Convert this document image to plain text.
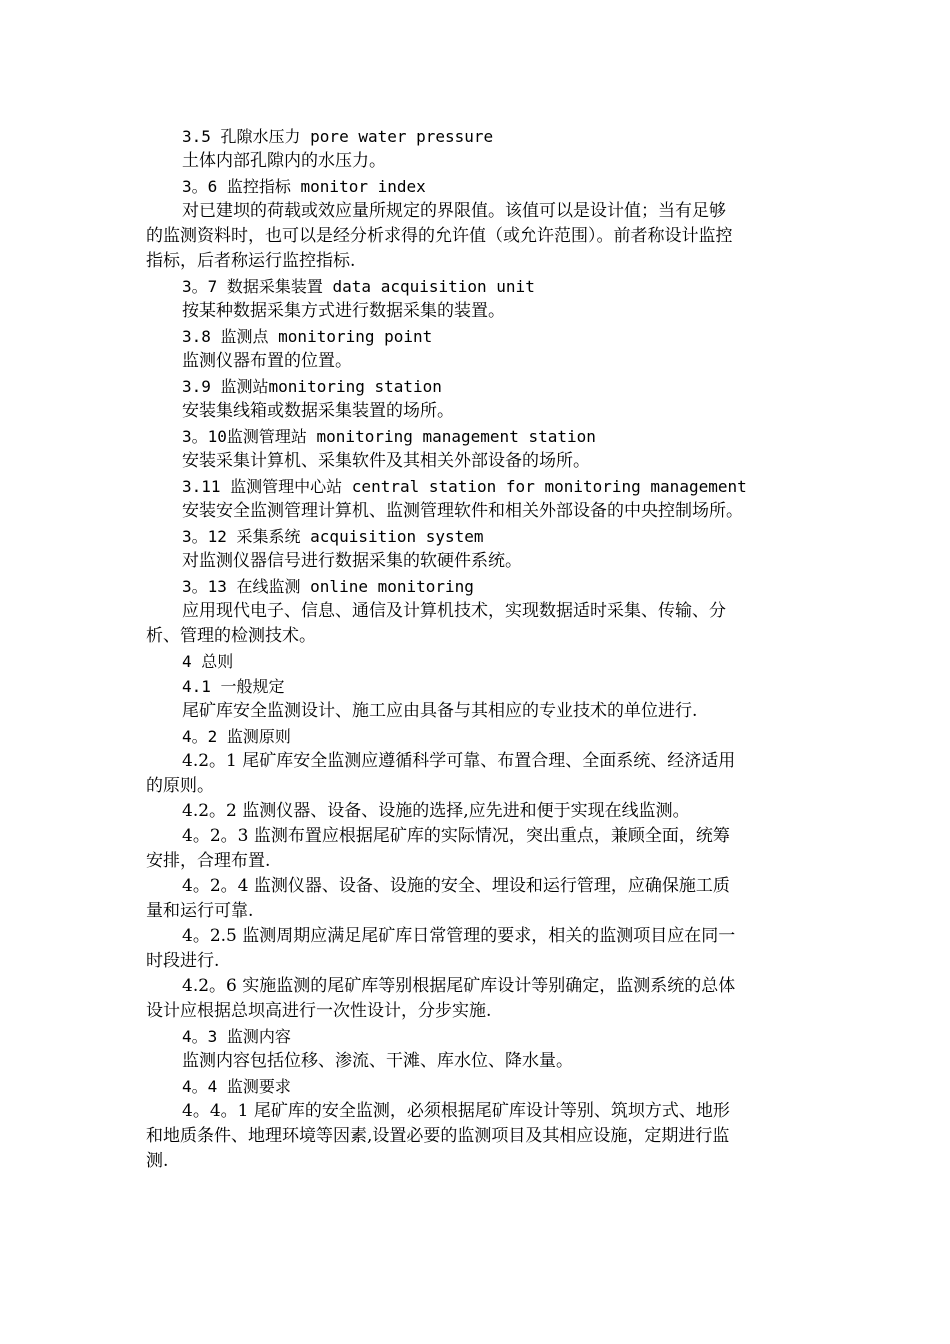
3.5 孔隙水压力 pore water pressure
土体内部孔隙内的水压力。
3。6 监控指标 monitor index
对已建坝的荷载或效应量所规定的界限值。该值可以是设计值；当有足够
的监测资料时，也可以是经分析求得的允许值（或允许范围）。前者称设计监控
指标，后者称运行监控指标.
3。7 数据采集装置 data acquisition unit
按某种数据采集方式进行数据采集的装置。
3.8 监测点 monitoring point
监测仪器布置的位置。
3.9 监测站monitoring station
安装集线箱或数据采集装置的场所。
3。10监测管理站 monitoring management station
安装采集计算机、采集软件及其相关外部设备的场所。
3.11 监测管理中心站 central station for monitoring management
安装安全监测管理计算机、监测管理软件和相关外部设备的中央控制场所。
3。12 采集系统 acquisition system
对监测仪器信号进行数据采集的软硬件系统。
3。13 在线监测 online monitoring
应用现代电子、信息、通信及计算机技术，实现数据适时采集、传输、分
析、管理的检测技术。
4 总则
4.1 一般规定
尾矿库安全监测设计、施工应由具备与其相应的专业技术的单位进行.
4。2 监测原则
4.2。1 尾矿库安全监测应遵循科学可靠、布置合理、全面系统、经济适用
的原则。
4.2。2 监测仪器、设备、设施的选择,应先进和便于实现在线监测。
4。2。3 监测布置应根据尾矿库的实际情况，突出重点，兼顾全面，统筹
安排，合理布置.
4。2。4 监测仪器、设备、设施的安全、埋设和运行管理，应确保施工质
量和运行可靠.
4。2.5 监测周期应满足尾矿库日常管理的要求，相关的监测项目应在同一
时段进行.
4.2。6 实施监测的尾矿库等别根据尾矿库设计等别确定，监测系统的总体
设计应根据总坝高进行一次性设计，分步实施.
4。3 监测内容
监测内容包括位移、渗流、干滩、库水位、降水量。
4。4 监测要求
4。4。1 尾矿库的安全监测，必须根据尾矿库设计等别、筑坝方式、地形
和地质条件、地理环境等因素,设置必要的监测项目及其相应设施，定期进行监
测.
